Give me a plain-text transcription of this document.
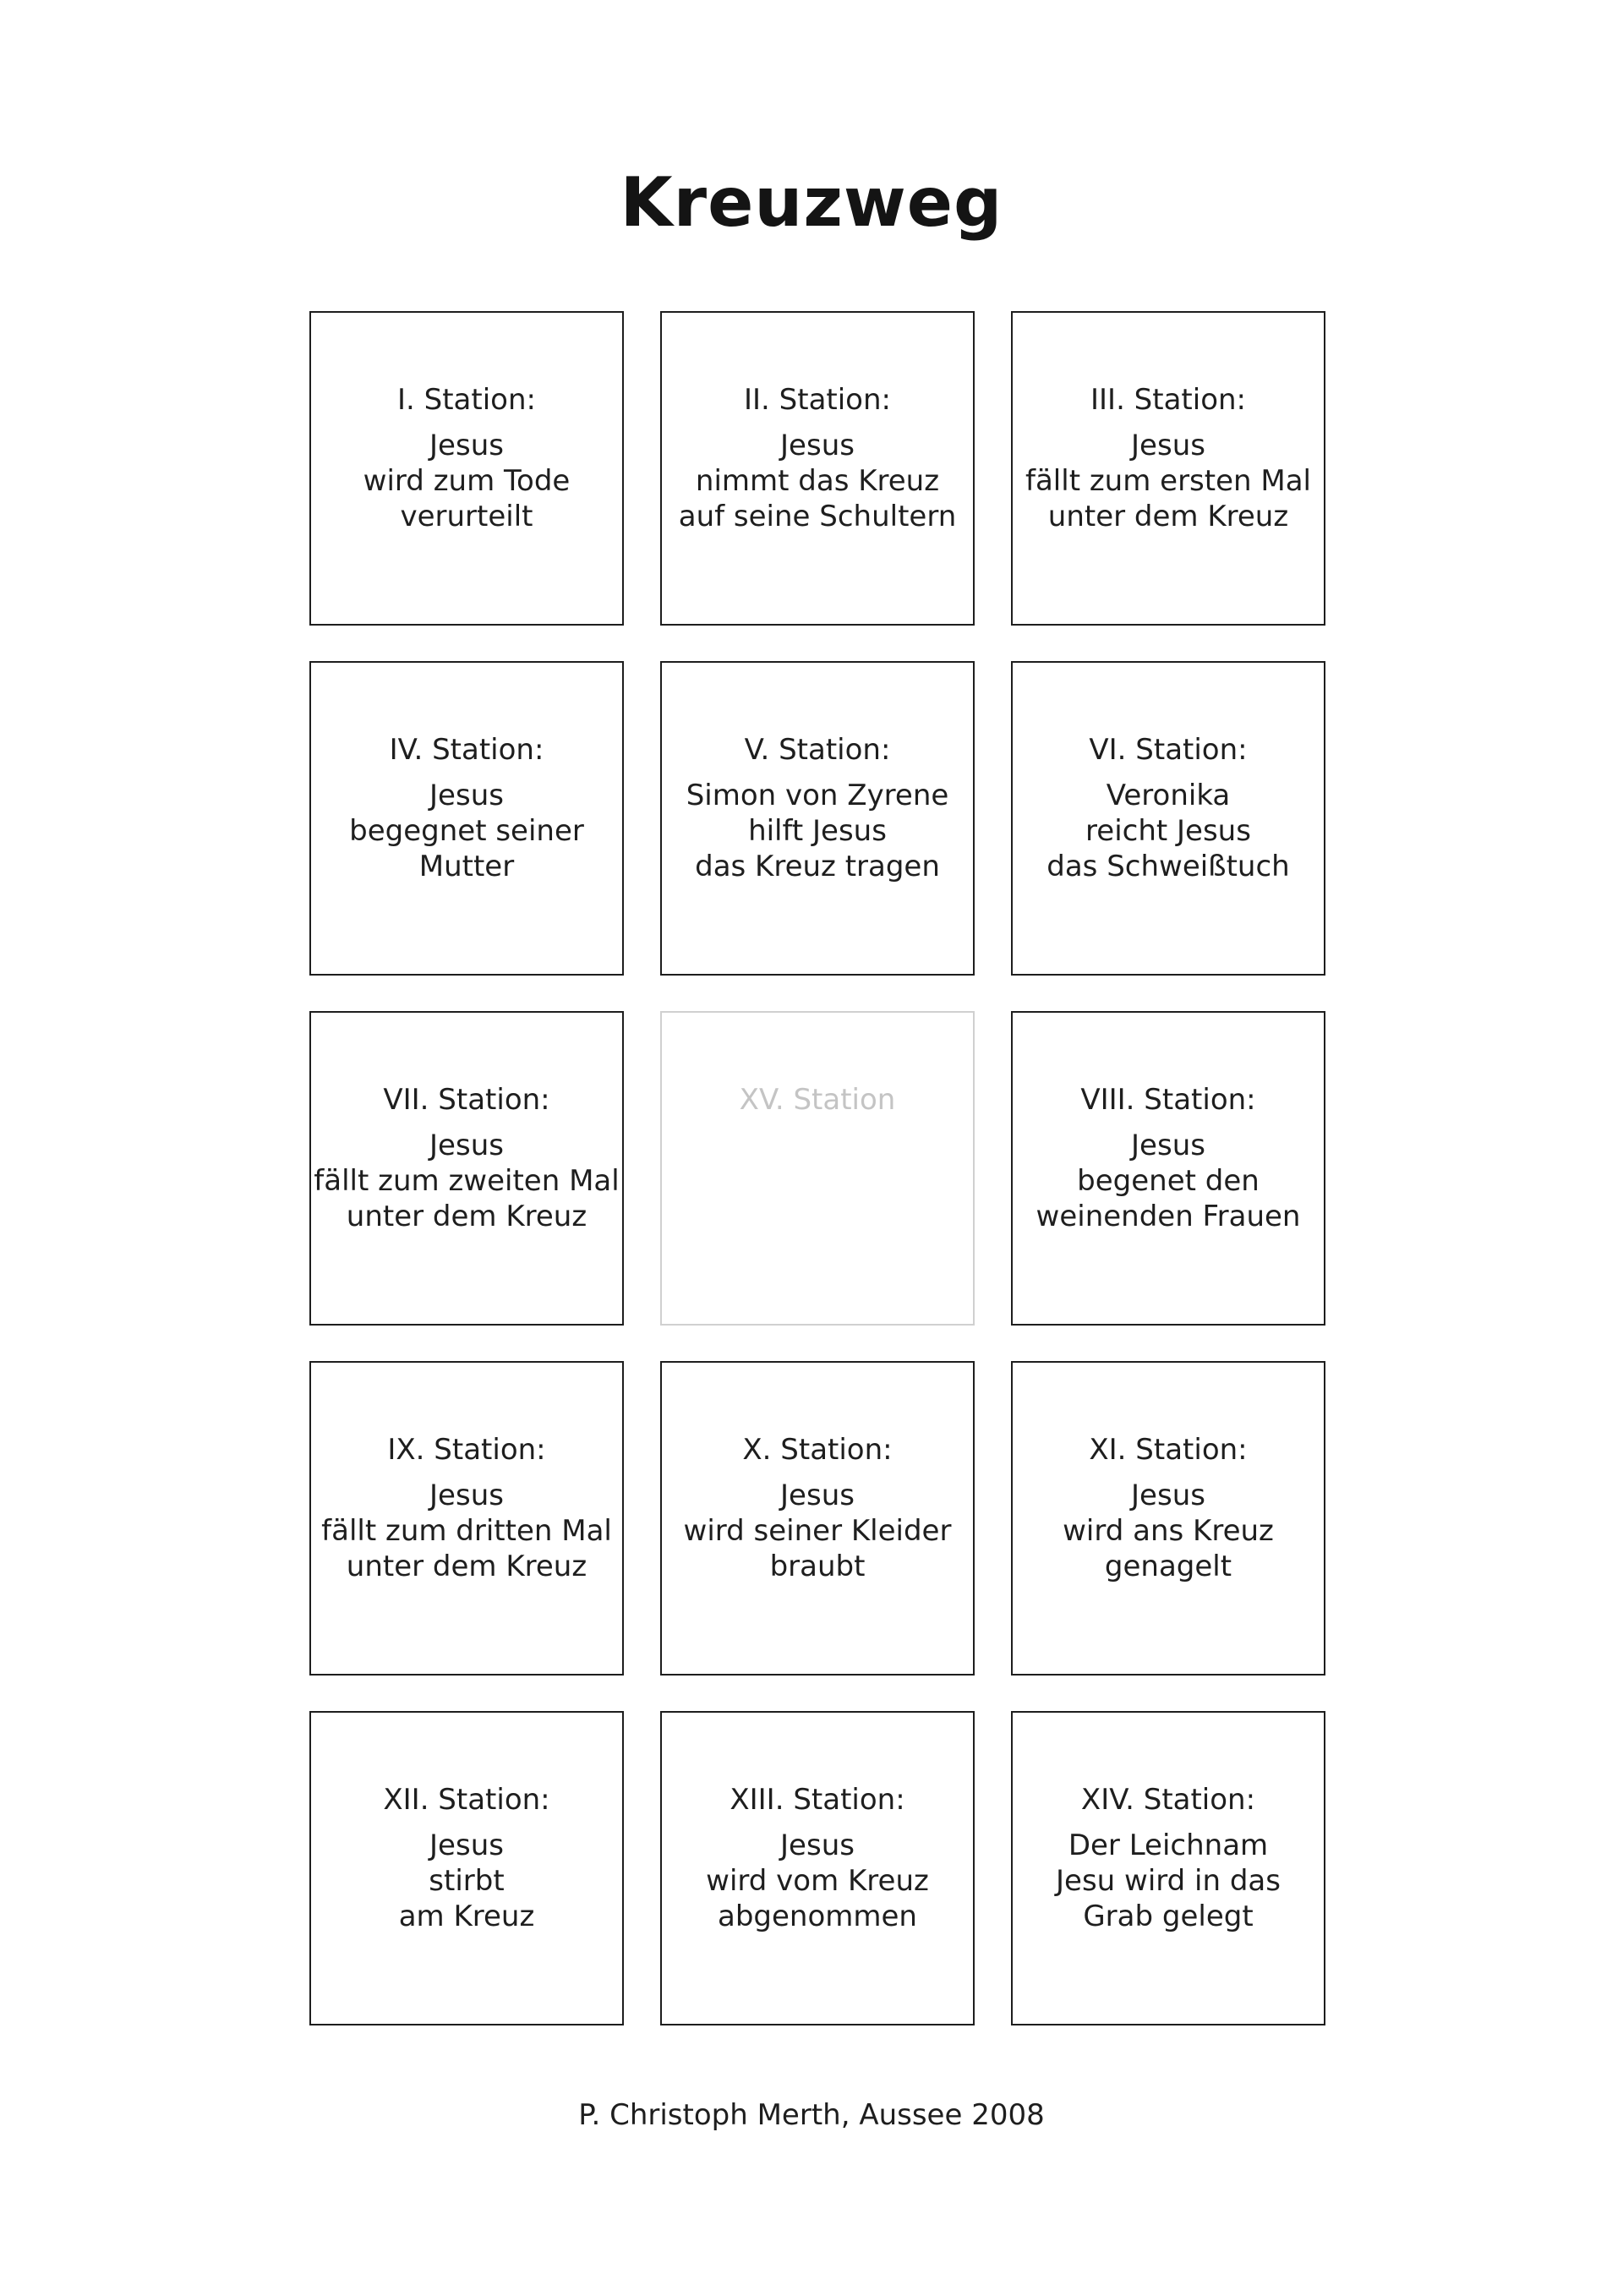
Kreuzweg
I. Station:
Jesus
wird zum Tode
verurteilt
II. Station:
Jesus
nimmt das Kreuz
auf seine Schultern
III. Station:
Jesus
fällt zum ersten Mal
unter dem Kreuz
IV. Station:
Jesus
begegnet seiner
Mutter
V. Station:
Simon von Zyrene
hilft Jesus
das Kreuz tragen
VI. Station:
Veronika
reicht Jesus
das Schweißtuch
VII. Station:
Jesus
fällt zum zweiten Mal
unter dem Kreuz
XV. Station	VIII. Station:
Jesus
begenet den
weinenden Frauen
IX. Station:
Jesus
fällt zum dritten Mal
unter dem Kreuz
X. Station:
Jesus
wird seiner Kleider
braubt
XI. Station:
Jesus
wird ans Kreuz
genagelt
XII. Station:
Jesus
stirbt
am Kreuz
XIII. Station:
Jesus
wird vom Kreuz
abgenommen
XIV. Station:
Der Leichnam
Jesu wird in das
Grab gelegt
P. Christoph Merth, Aussee 2008
